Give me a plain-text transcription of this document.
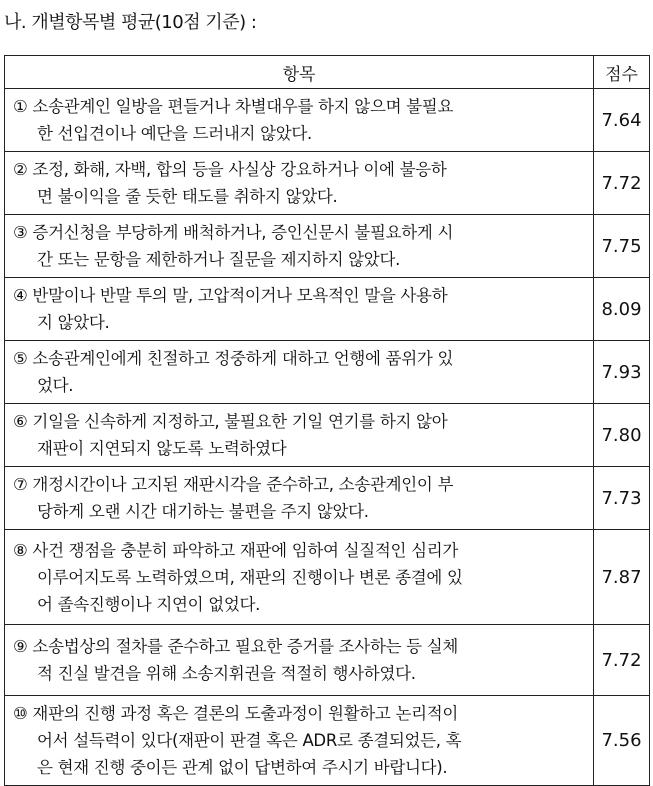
나. 개별항목별 평균(10점 기준) :
항목	점수

① 소송관계인 일방을 편들거나 차별대우를 하지 않으며 불필요
한 선입견이나 예단을 드러내지 않았다.	7.64

② 조정, 화해, 자백, 합의 등을 사실상 강요하거나 이에 불응하
면 불이익을 줄 듯한 태도를 취하지 않았다.	7.72

③ 증거신청을 부당하게 배척하거나, 증인신문시 불필요하게 시
간 또는 문항을 제한하거나 질문을 제지하지 않았다.	7.75

④ 반말이나 반말 투의 말, 고압적이거나 모욕적인 말을 사용하
지 않았다.	8.09

⑤ 소송관계인에게 친절하고 정중하게 대하고 언행에 품위가 있
었다.	7.93

⑥ 기일을 신속하게 지정하고, 불필요한 기일 연기를 하지 않아
재판이 지연되지 않도록 노력하였다	7.80

⑦ 개정시간이나 고지된 재판시각을 준수하고, 소송관계인이 부
당하게 오랜 시간 대기하는 불편을 주지 않았다.	7.73

⑧ 사건 쟁점을 충분히 파악하고 재판에 임하여 실질적인 심리가
이루어지도록 노력하였으며, 재판의 진행이나 변론 종결에 있
어 졸속진행이나 지연이 없었다.	7.87

⑨ 소송법상의 절차를 준수하고 필요한 증거를 조사하는 등 실체
적 진실 발견을 위해 소송지휘권을 적절히 행사하였다.	7.72

⑩ 재판의 진행 과정 혹은 결론의 도출과정이 원활하고 논리적이
어서 설득력이 있다(재판이 판결 혹은 ADR로 종결되었든, 혹
은 현재 진행 중이든 관계 없이 답변하여 주시기 바랍니다).	7.56
